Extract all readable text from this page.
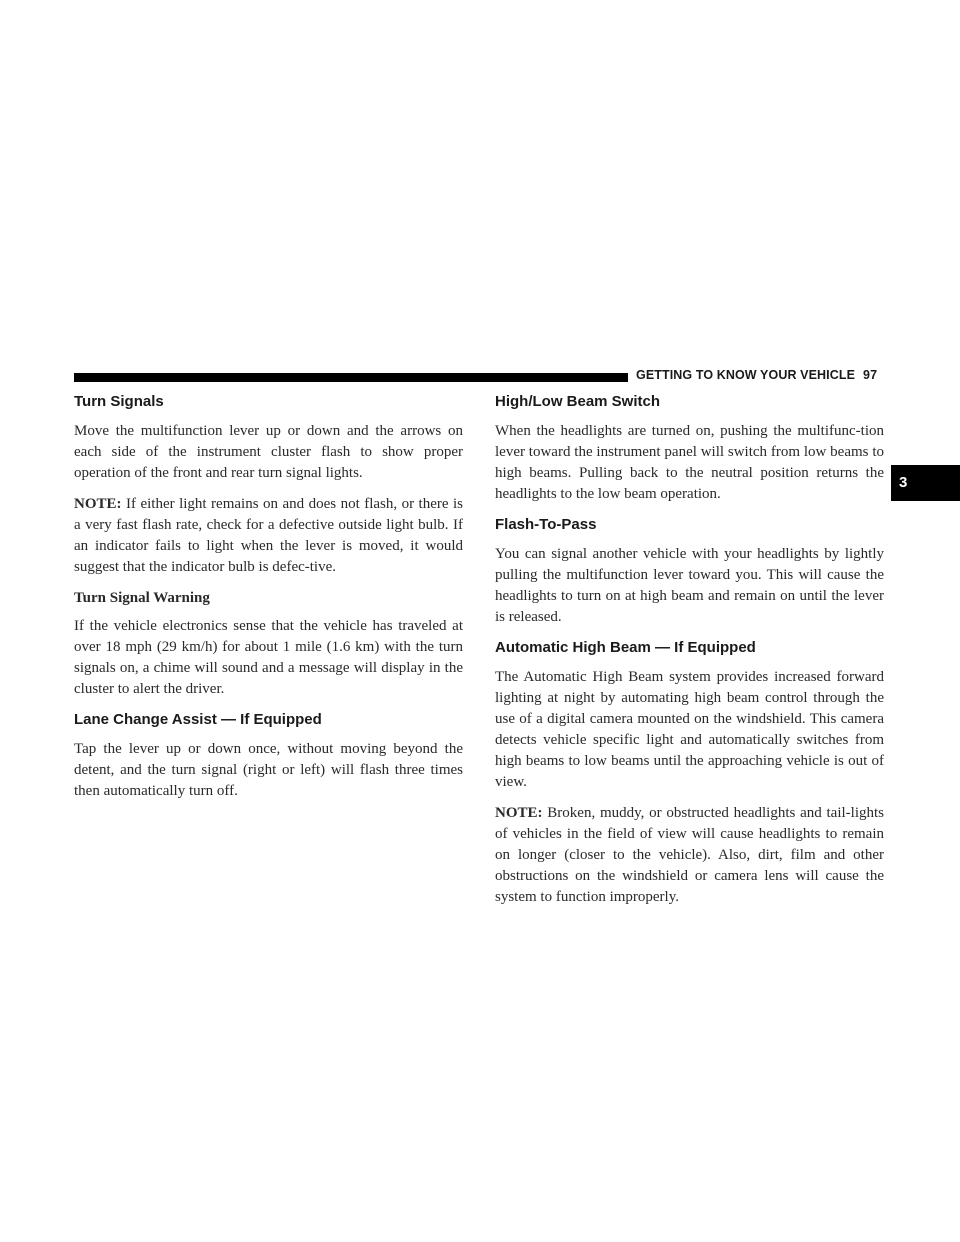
GETTING TO KNOW YOUR VEHICLE 97
3
Turn Signals

Move the multifunction lever up or down and the arrows on each side of the instrument cluster flash to show proper operation of the front and rear turn signal lights.

NOTE: If either light remains on and does not flash, or there is a very fast flash rate, check for a defective outside light bulb. If an indicator fails to light when the lever is moved, it would suggest that the indicator bulb is defec-tive.

Turn Signal Warning

If the vehicle electronics sense that the vehicle has traveled at over 18 mph (29 km/h) for about 1 mile (1.6 km) with the turn signals on, a chime will sound and a message will display in the cluster to alert the driver.

Lane Change Assist — If Equipped

Tap the lever up or down once, without moving beyond the detent, and the turn signal (right or left) will flash three times then automatically turn off.

High/Low Beam Switch

When the headlights are turned on, pushing the multifunc-tion lever toward the instrument panel will switch from low beams to high beams. Pulling back to the neutral position returns the headlights to the low beam operation.

Flash-To-Pass

You can signal another vehicle with your headlights by lightly pulling the multifunction lever toward you. This will cause the headlights to turn on at high beam and remain on until the lever is released.

Automatic High Beam — If Equipped

The Automatic High Beam system provides increased forward lighting at night by automating high beam control through the use of a digital camera mounted on the windshield. This camera detects vehicle specific light and automatically switches from high beams to low beams until the approaching vehicle is out of view.

NOTE: Broken, muddy, or obstructed headlights and tail-lights of vehicles in the field of view will cause headlights to remain on longer (closer to the vehicle). Also, dirt, film and other obstructions on the windshield or camera lens will cause the system to function improperly.
